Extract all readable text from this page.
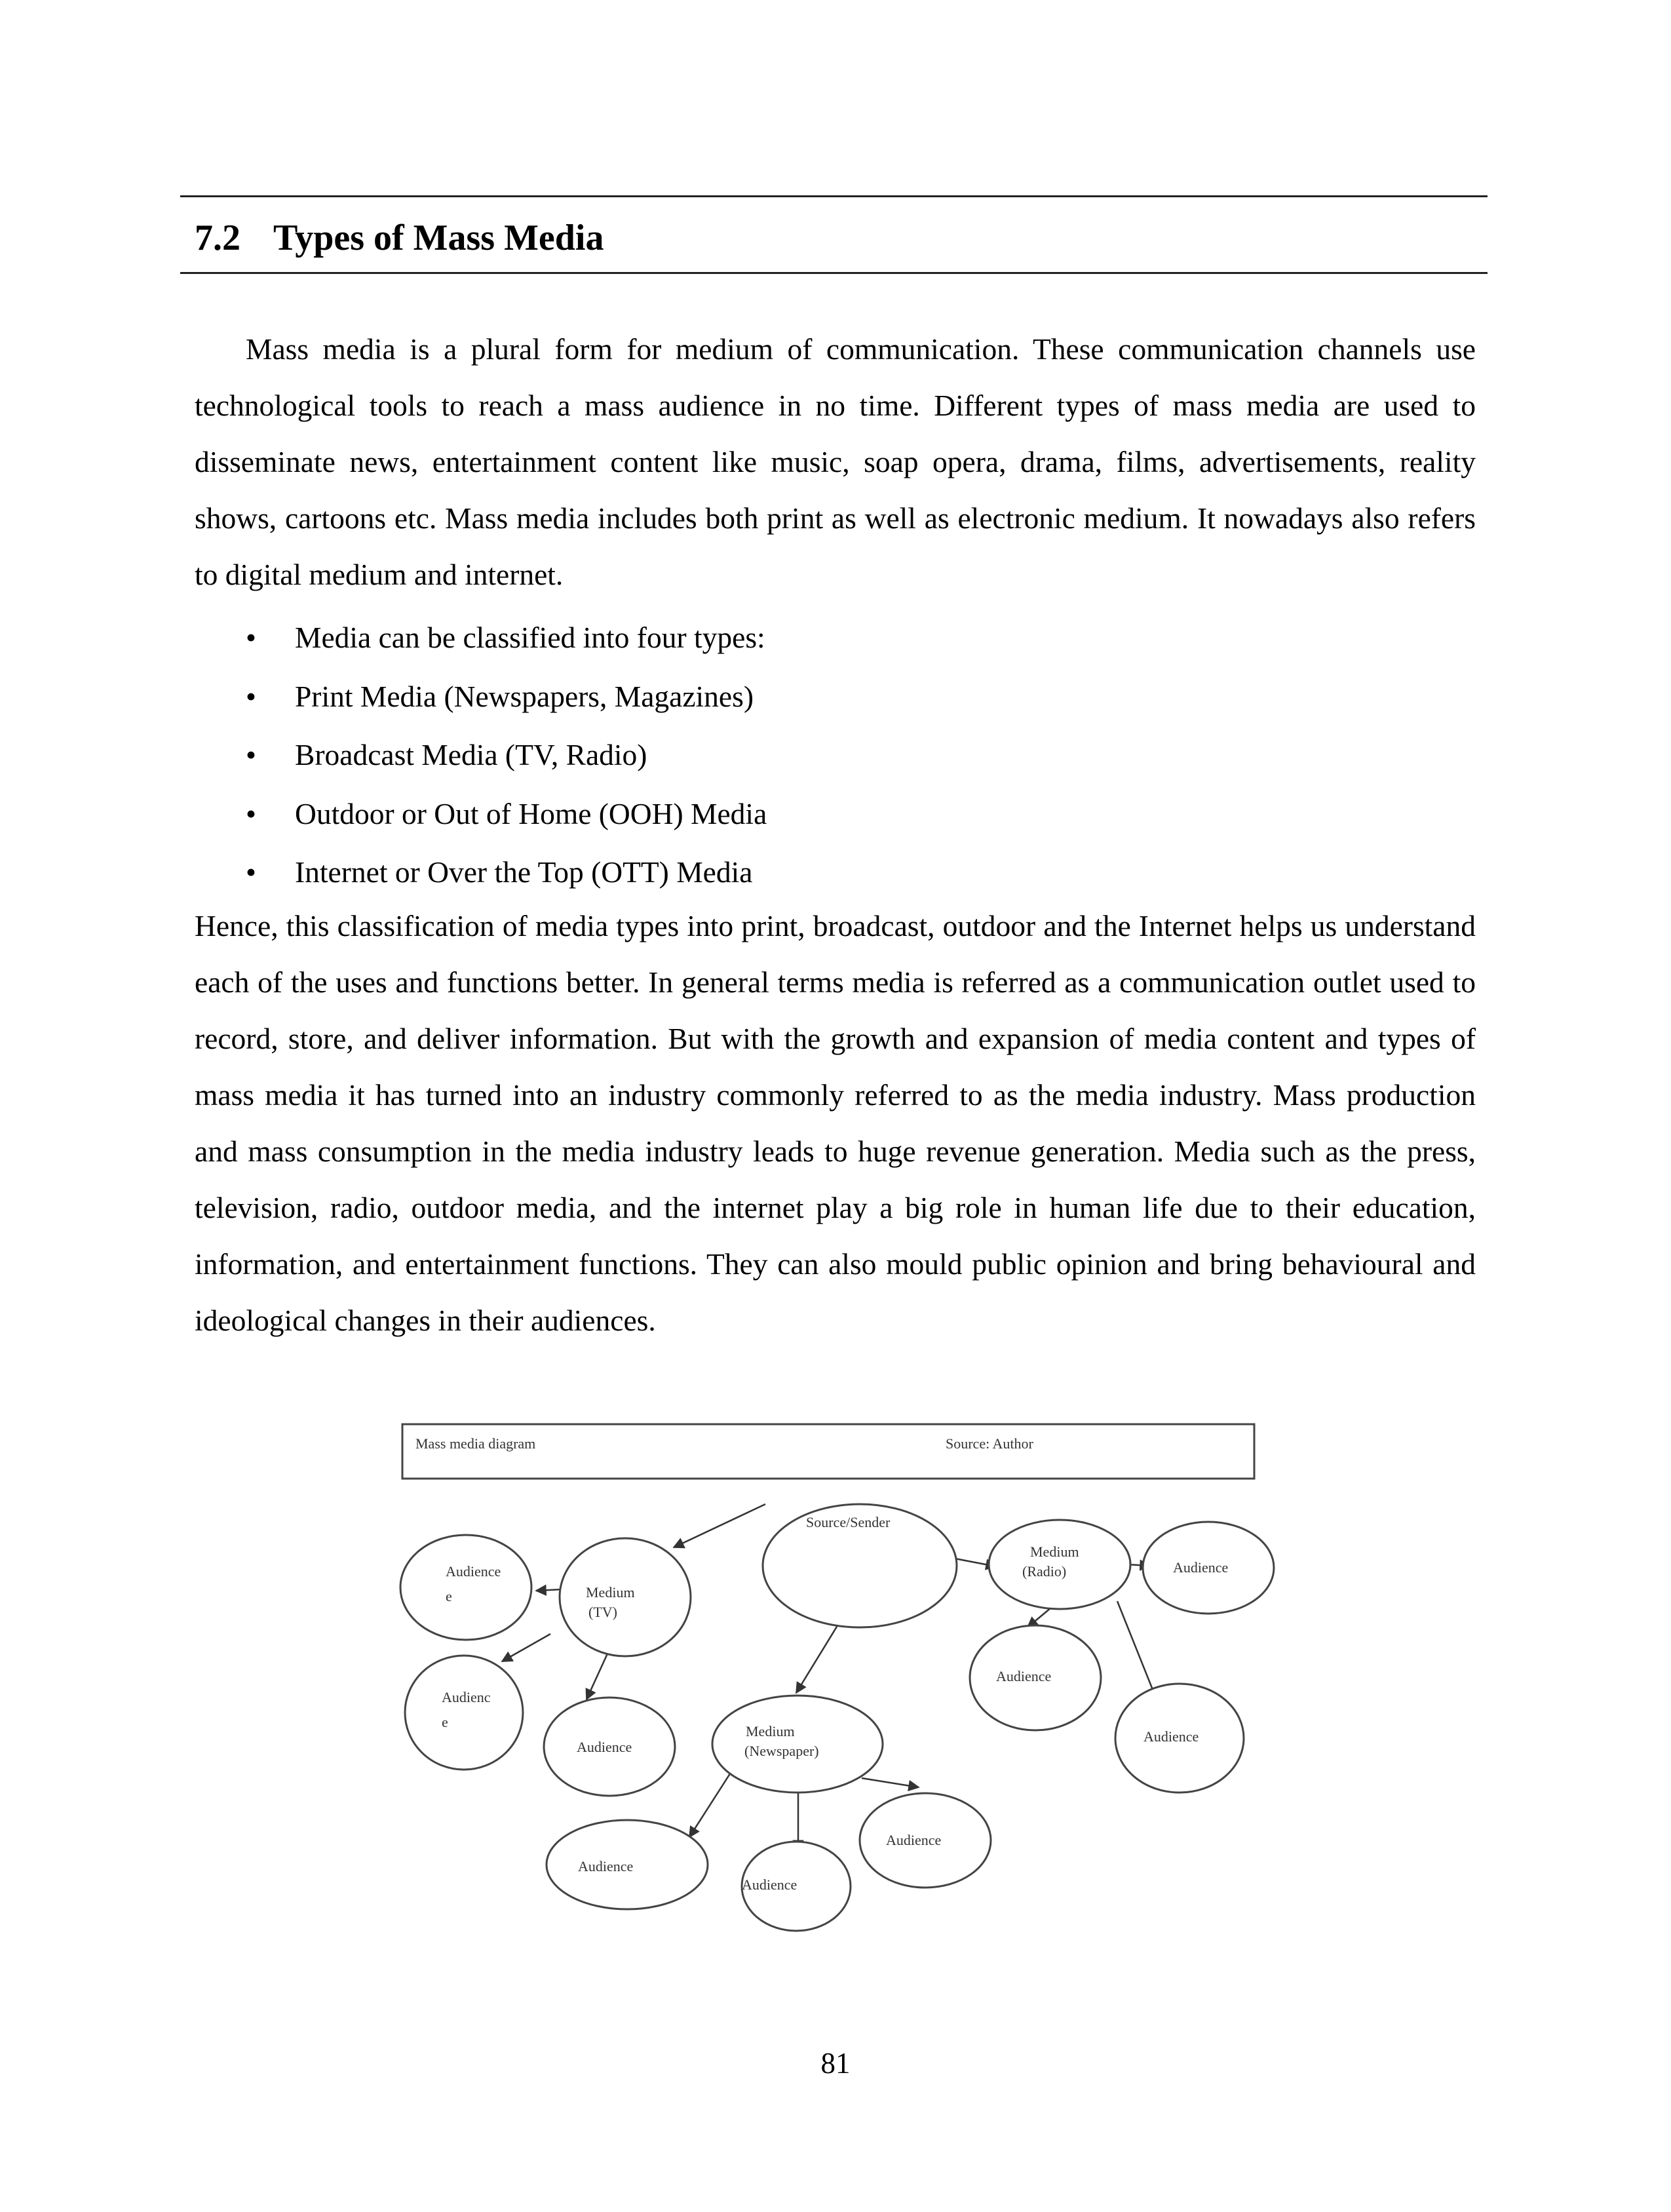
7.2 Types of Mass Media

Mass media is a plural form for medium of communication. These communication channels use technological tools to reach a mass audience in no time. Different types of mass media are used to disseminate news, entertainment content like music, soap opera, drama, films, advertisements, reality shows, cartoons etc. Mass media includes both print as well as electronic medium. It nowadays also refers to digital medium and internet.

• Media can be classified into four types:
• Print Media (Newspapers, Magazines)
• Broadcast Media (TV, Radio)
• Outdoor or Out of Home (OOH) Media
• Internet or Over the Top (OTT) Media

Hence, this classification of media types into print, broadcast, outdoor and the Internet helps us understand each of the uses and functions better. In general terms media is referred as a communication outlet used to record, store, and deliver information. But with the growth and expansion of media content and types of mass media it has turned into an industry commonly referred to as the media industry. Mass production and mass consumption in the media industry leads to huge revenue generation. Media such as the press, television, radio, outdoor media, and the internet play a big role in human life due to their education, information, and entertainment functions. They can also mould public opinion and bring behavioural and ideological changes in their audiences.

Mass media diagram	Source: Author
Source/Sender
Medium
(TV)
Audience
e
Audienc
e
Audience
Medium
(Radio)	Audience
Audience
Audience
Medium
(Newspaper)
Audience
Audience
Audience
81
